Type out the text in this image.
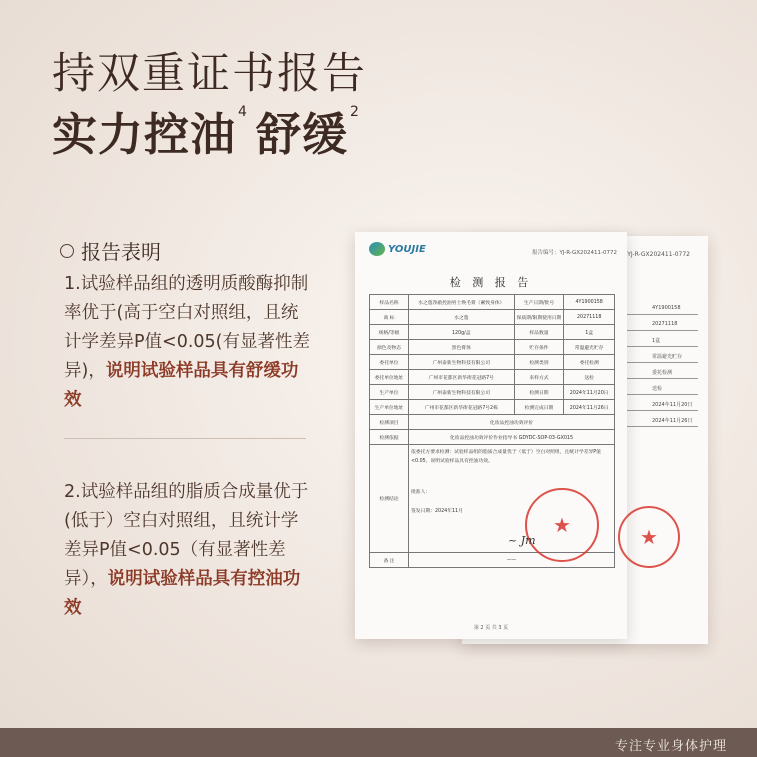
持双重证书报告
实力控油 $^4$ 舒缓 $^2$
报告表明
1.试验样品组的透明质酸酶抑制率优于(高于空白对照组，且统计学差异P值<0.05(有显著性差异)，说明试验样品具有舒缓功效
2.试验样品组的脂质合成量优于(低于）空白对照组，且统计学差异P值<0.05（有显著性差异），说明试验样品具有控油功效
YJ-R-GX202411-0772
4Y1900158
20271118
1盒
常温避光贮存
委托检测
送检
2024年11月20日
2024年11月26日
YOUJIE	报告编号：YJ-R-GX202411-0772
检 测 报 告
样品名称	水之蔻净澈控油男士焕毛膏（紧致身体）	生产日期/批号	4Y1900158
商 标	水之蔻	保质期/限期使用日期	20271118
规格/等级	120g/盒	样品数量	1盒
颜色及物态	黑色膏体	贮存条件	常温避光贮存
委托单位	广州泰新生物科技有限公司	检测类别	委托检测
委托单位地址	广州市花都区新华街花冠路7号	来样方式	送检
生产单位	广州泰新生物科技有限公司	检测日期	2024年11月20日
生产单位地址	广州市花都区新华街花冠路7号2栋	检测完成日期	2024年11月26日
检测项目	化妆品控油功效评价		
检测依据	化妆品控油功效评价作业指导书 GDYDC-SOP-03-GX015		
检测结论	依委托方要求检测：试验样品组的脂质合成量优于（低于）空白对照组，且统计学差异P值<0.05，说明试验样品具有控油功效。
批准人：
签发日期：2024年11月		

备 注	——		
第 2 页 共 3 页
★
★
~ Jm
专注专业身体护理
